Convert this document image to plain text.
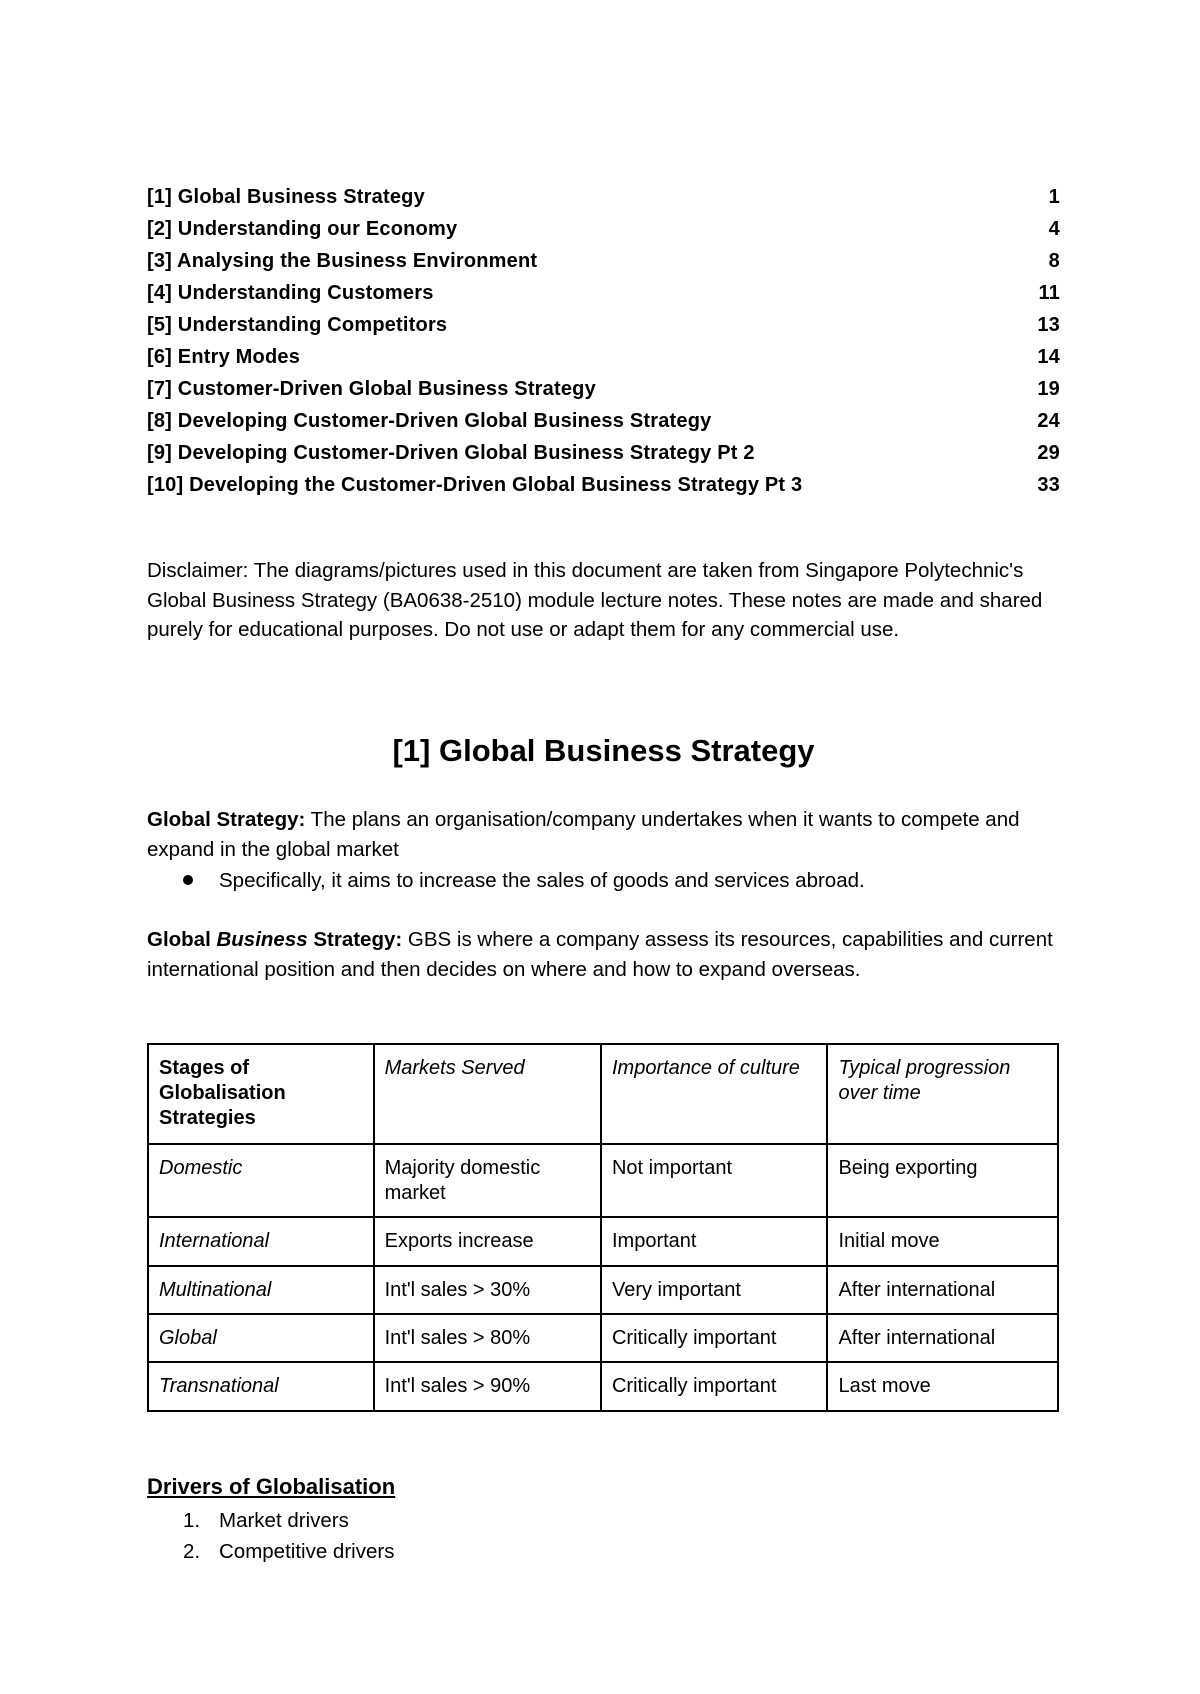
[1] Global Business Strategy	1
[2] Understanding our Economy	4
[3] Analysing the Business Environment	8
[4] Understanding Customers	11
[5] Understanding Competitors	13
[6] Entry Modes	14
[7] Customer-Driven Global Business Strategy	19
[8] Developing Customer-Driven Global Business Strategy	24
[9] Developing Customer-Driven Global Business Strategy Pt 2	29
[10] Developing the Customer-Driven Global Business Strategy Pt 3	33

Disclaimer: The diagrams/pictures used in this document are taken from Singapore Polytechnic's Global Business Strategy (BA0638-2510) module lecture notes. These notes are made and shared purely for educational purposes. Do not use or adapt them for any commercial use.

[1] Global Business Strategy

Global Strategy: The plans an organisation/company undertakes when it wants to compete and expand in the global market

Specifically, it aims to increase the sales of goods and services abroad.

Global Business Strategy: GBS is where a company assess its resources, capabilities and current international position and then decides on where and how to expand overseas.

Stages of Globalisation Strategies	Markets Served	Importance of culture	Typical progression over time
Domestic	Majority domestic market	Not important	Being exporting
International	Exports increase	Important	Initial move
Multinational	Int'l sales > 30%	Very important	After international
Global	Int'l sales > 80%	Critically important	After international
Transnational	Int'l sales > 90%	Critically important	Last move
Drivers of Globalisation
1. Market drivers
2. Competitive drivers
